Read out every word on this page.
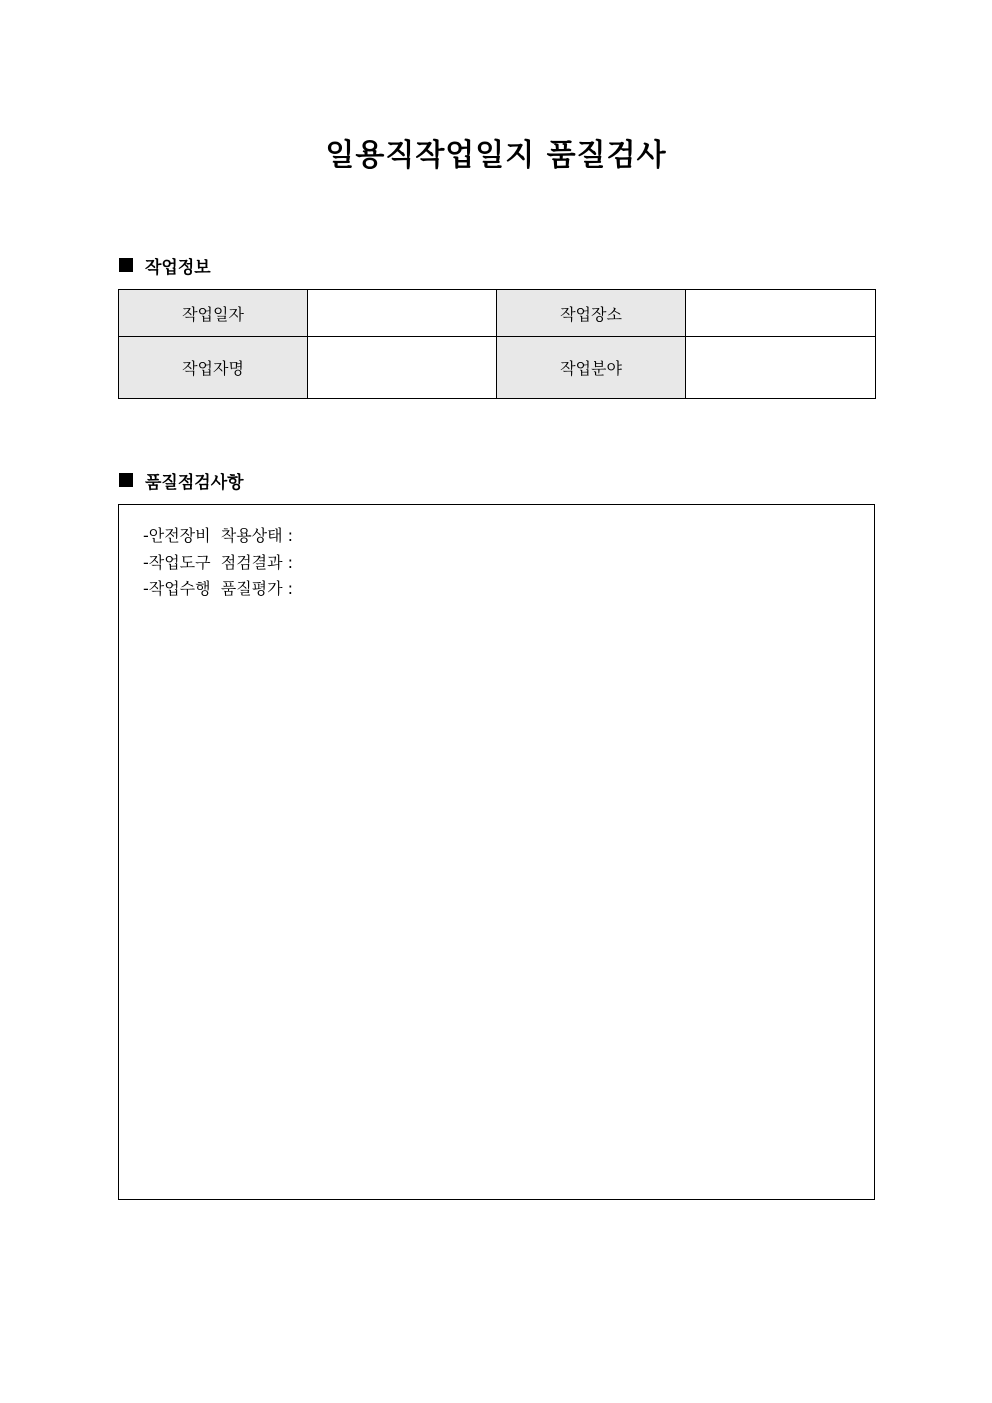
일용직작업일지 품질검사
작업정보
작업일자		작업장소	
작업자명		작업분야	
품질점검사항
-안전장비  착용상태 :
-작업도구  점검결과 :
-작업수행  품질평가 :
